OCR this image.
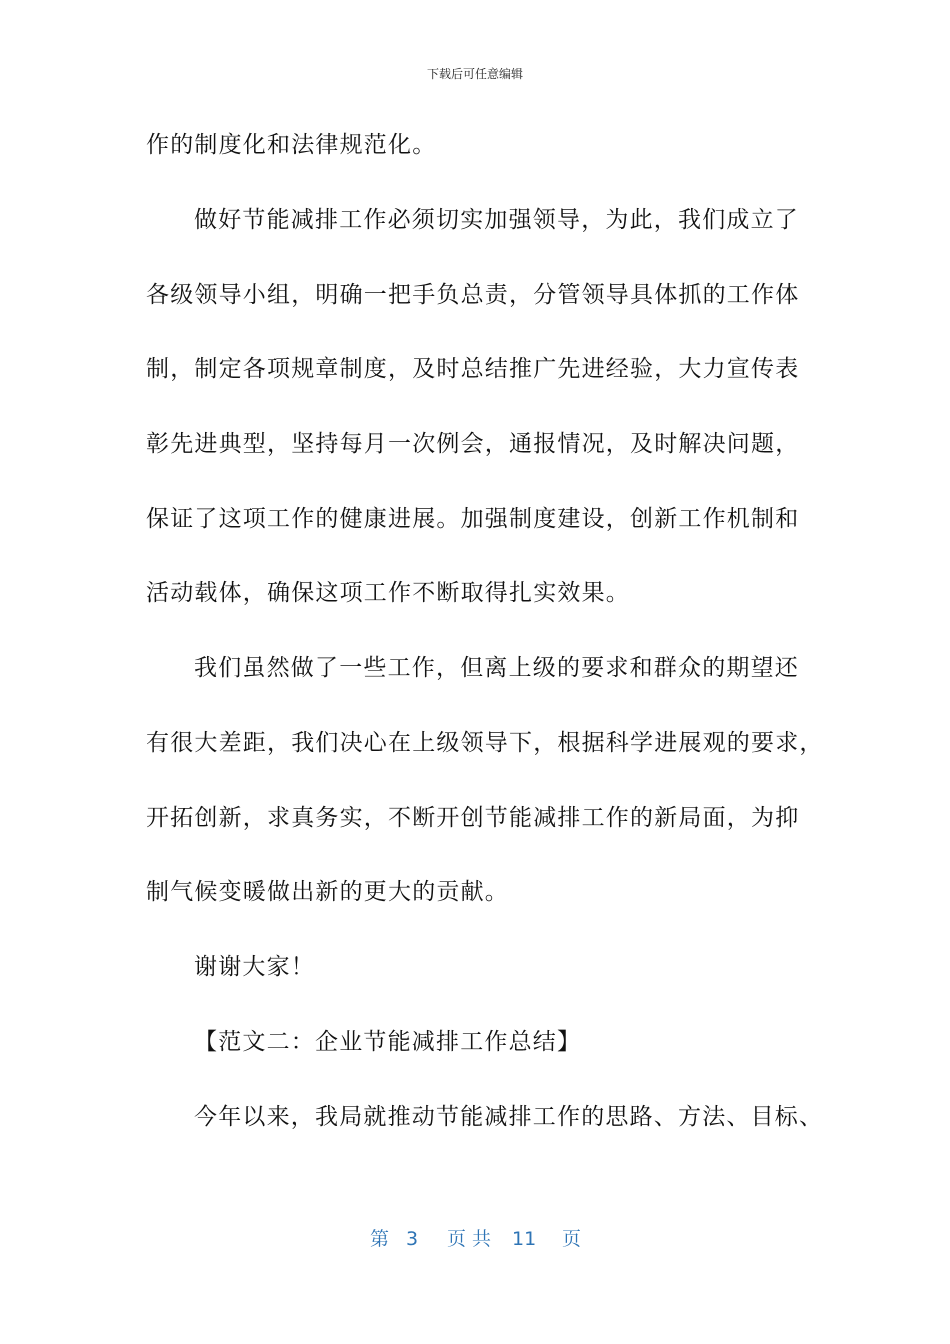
下载后可任意编辑
作的制度化和法律规范化。
做好节能减排工作必须切实加强领导，为此，我们成立了
各级领导小组，明确一把手负总责，分管领导具体抓的工作体
制，制定各项规章制度，及时总结推广先进经验，大力宣传表
彰先进典型，坚持每月一次例会，通报情况，及时解决问题，
保证了这项工作的健康进展。加强制度建设，创新工作机制和
活动载体，确保这项工作不断取得扎实效果。
我们虽然做了一些工作，但离上级的要求和群众的期望还
有很大差距，我们决心在上级领导下，根据科学进展观的要求，
开拓创新，求真务实，不断开创节能减排工作的新局面，为抑
制气候变暖做出新的更大的贡献。
谢谢大家！
【范文二：企业节能减排工作总结】
今年以来，我局就推动节能减排工作的思路、方法、目标、
第 3 页 共 11 页
